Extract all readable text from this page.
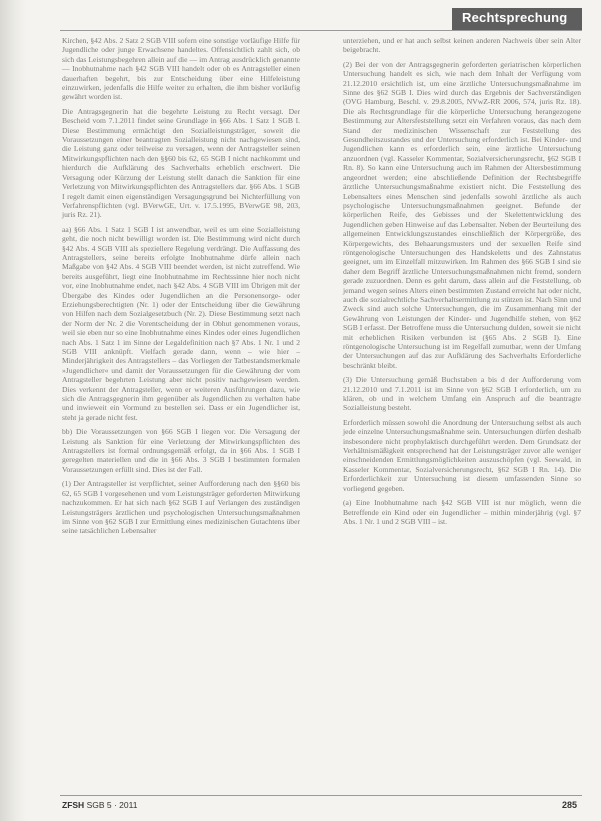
Rechtsprechung

Kirchen, §42 Abs. 2 Satz 2 SGB VIII sofern eine sonstige vorläufige Hilfe für Jugendliche oder junge Erwachsene handeltes. Offensichtlich zahlt sich, ob sich das Leistungsbegehren allein auf die — im Antrag ausdrücklich genannte — Inobhutnahme nach §42 SGB VIII handelt oder ob es Antragsteller einen dauerhaften begehrt, bis zur Entscheidung über eine Hilfeleistung einzuwirken, jedenfalls die Hilfe weiter zu erhalten, die ihm bisher vorläufig gewährt worden ist.

Die Antragsgegnerin hat die begehrte Leistung zu Recht versagt. Der Bescheid vom 7.1.2011 findet seine Grundlage in §66 Abs. 1 Satz 1 SGB I. Diese Bestimmung ermächtigt den Sozialleistungsträger, soweit die Voraussetzungen einer beantragten Sozialleistung nicht nachgewiesen sind, die Leistung ganz oder teilweise zu versagen, wenn der Antragsteller seinen Mitwirkungspflichten nach den §§60 bis 62, 65 SGB I nicht nachkommt und hierdurch die Aufklärung des Sachverhalts erheblich erschwert. Die Versagung oder Kürzung der Leistung stellt danach die Sanktion für eine Verletzung von Mitwirkungspflichten des Antragstellers dar. §66 Abs. 1 SGB I regelt damit einen eigenständigen Versagungsgrund bei Nichterfüllung von Verfahrenspflichten (vgl. BVerwGE, Urt. v. 17.5.1995, BVerwGE 98, 203, juris Rz. 21).

aa) §66 Abs. 1 Satz 1 SGB I ist anwendbar, weil es um eine Sozialleistung geht, die noch nicht bewilligt worden ist. Die Bestimmung wird nicht durch §42 Abs. 4 SGB VIII als speziellere Regelung verdrängt. Die Auffassung des Antragstellers, seine bereits erfolgte Inobhutnahme dürfe allein nach Maßgabe von §42 Abs. 4 SGB VIII beendet werden, ist nicht zutreffend. Wie bereits ausgeführt, liegt eine Inobhutnahme im Rechtssinne hier noch nicht vor, eine Inobhutnahme endet, nach §42 Abs. 4 SGB VIII im Übrigen mit der Übergabe des Kindes oder Jugendlichen an die Personensorge- oder Erziehungsberechtigten (Nr. 1) oder der Entscheidung über die Gewährung von Hilfen nach dem Sozialgesetzbuch (Nr. 2). Diese Bestimmung setzt nach der Norm der Nr. 2 die Vorentscheidung der in Obhut genommenen voraus, weil sie eben nur so eine Inobhutnahme eines Kindes oder eines Jugendlichen nach Abs. 1 Satz 1 im Sinne der Legaldefinition nach §7 Abs. 1 Nr. 1 und 2 SGB VIII anknüpft. Vielfach gerade dann, wenn – wie hier – Minderjährigkeit des Antragstellers – das Vorliegen der Tatbestandsmerkmale »Jugendlicher« und damit der Voraussetzungen für die Gewährung der vom Antragsteller begehrten Leistung aber nicht positiv nachgewiesen werden. Dies verkennt der Antragsteller, wenn er weiteren Ausführungen dazu, wie sich die Antragsgegnerin ihm gegenüber als Jugendlichen zu verhalten habe und inwieweit ein Vormund zu bestellen sei. Dass er ein Jugendlicher ist, steht ja gerade nicht fest.

bb) Die Voraussetzungen von §66 SGB I liegen vor. Die Versagung der Leistung als Sanktion für eine Verletzung der Mitwirkungspflichten des Antragstellers ist formal ordnungsgemäß erfolgt, da in §66 Abs. 1 SGB I geregelten materiellen und die in §66 Abs. 3 SGB I bestimmten formalen Voraussetzungen erfüllt sind. Dies ist der Fall.

(1) Der Antragsteller ist verpflichtet, seiner Aufforderung nach den §§60 bis 62, 65 SGB I vorgesehenen und vom Leistungsträger geforderten Mitwirkung nachzukommen. Er hat sich nach §62 SGB I auf Verlangen des zuständigen Leistungsträgers ärztlichen und psychologischen Untersuchungsmaßnahmen im Sinne von §62 SGB I zur Ermittlung eines medizinischen Gutachtens über seine tatsächlichen Lebensalter

unterziehen, und er hat auch selbst keinen anderen Nachweis über sein Alter beigebracht.

(2) Bei der von der Antragsgegnerin geforderten geriatrischen körperlichen Untersuchung handelt es sich, wie nach dem Inhalt der Verfügung vom 21.12.2010 ersichtlich ist, um eine ärztliche Untersuchungsmaßnahme im Sinne des §62 SGB I. Dies wird durch das Ergebnis der Sachverständigen (OVG Hamburg, Beschl. v. 29.8.2005, NVwZ-RR 2006, 574, juris Rz. 18). Die als Rechtsgrundlage für die körperliche Untersuchung herangezogene Bestimmung zur Altersfeststellung setzt ein Verfahren voraus, das nach dem Stand der medizinischen Wissenschaft zur Feststellung des Gesundheitszustandes und der Untersuchung erforderlich ist. Bei Kinder- und Jugendlichen kann es erforderlich sein, eine ärztliche Untersuchung anzuordnen (vgl. Kasseler Kommentar, Sozialversicherungsrecht, §62 SGB I Rn. 8). So kann eine Untersuchung auch im Rahmen der Altersbestimmung angeordnet werden; eine abschließende Definition der Rechtsbegriffe ärztliche Untersuchungsmaßnahme existiert nicht. Die Feststellung des Lebensalters eines Menschen sind jedenfalls sowohl ärztliche als auch psychologische Untersuchungsmaßnahmen geeignet. Befunde der körperlichen Reife, des Gebisses und der Skelettentwicklung des Jugendlichen geben Hinweise auf das Lebensalter. Neben der Beurteilung des allgemeinen Entwicklungszustandes einschließlich der Körpergröße, des Körpergewichts, des Behaarungsmusters und der sexuellen Reife sind röntgenologische Untersuchungen des Handskeletts und des Zahnstatus geeignet, um im Einzelfall mitzuwirken. Im Rahmen des §66 SGB I sind sie daher dem Begriff ärztliche Untersuchungsmaßnahmen nicht fremd, sondern gerade zuzuordnen. Denn es geht darum, dass allein auf die Feststellung, ob jemand wegen seines Alters einen bestimmten Zustand erreicht hat oder nicht, auch die sozialrechtliche Sachverhaltsermittlung zu stützen ist. Nach Sinn und Zweck sind auch solche Untersuchungen, die im Zusammenhang mit der Gewährung von Leistungen der Kinder- und Jugendhilfe stehen, von §62 SGB I erfasst. Der Betroffene muss die Untersuchung dulden, soweit sie nicht mit erheblichen Risiken verbunden ist (§65 Abs. 2 SGB I). Eine röntgenologische Untersuchung ist im Regelfall zumutbar, wenn der Umfang der Untersuchungen auf das zur Aufklärung des Sachverhalts Erforderliche beschränkt bleibt.

(3) Die Untersuchung gemäß Buchstaben a bis d der Aufforderung vom 21.12.2010 und 7.1.2011 ist im Sinne von §62 SGB I erforderlich, um zu klären, ob und in welchem Umfang ein Anspruch auf die beantragte Sozialleistung besteht.

Erforderlich müssen sowohl die Anordnung der Untersuchung selbst als auch jede einzelne Untersuchungsmaßnahme sein. Untersuchungen dürfen deshalb insbesondere nicht prophylaktisch durchgeführt werden. Dem Grundsatz der Verhältnismäßigkeit entsprechend hat der Leistungsträger zuvor alle weniger einschneidenden Ermittlungsmöglichkeiten auszuschöpfen (vgl. Seewald, in Kasseler Kommentar, Sozialversicherungsrecht, §62 SGB I Rn. 14). Die Erforderlichkeit zur Untersuchung ist diesem umfassenden Sinne so vorliegend gegeben.

(a) Eine Inobhutnahme nach §42 SGB VIII ist nur möglich, wenn die Betreffende ein Kind oder ein Jugendlicher – mithin minderjährig (vgl. §7 Abs. 1 Nr. 1 und 2 SGB VIII – ist.

ZFSH SGB 5 · 2011	285
